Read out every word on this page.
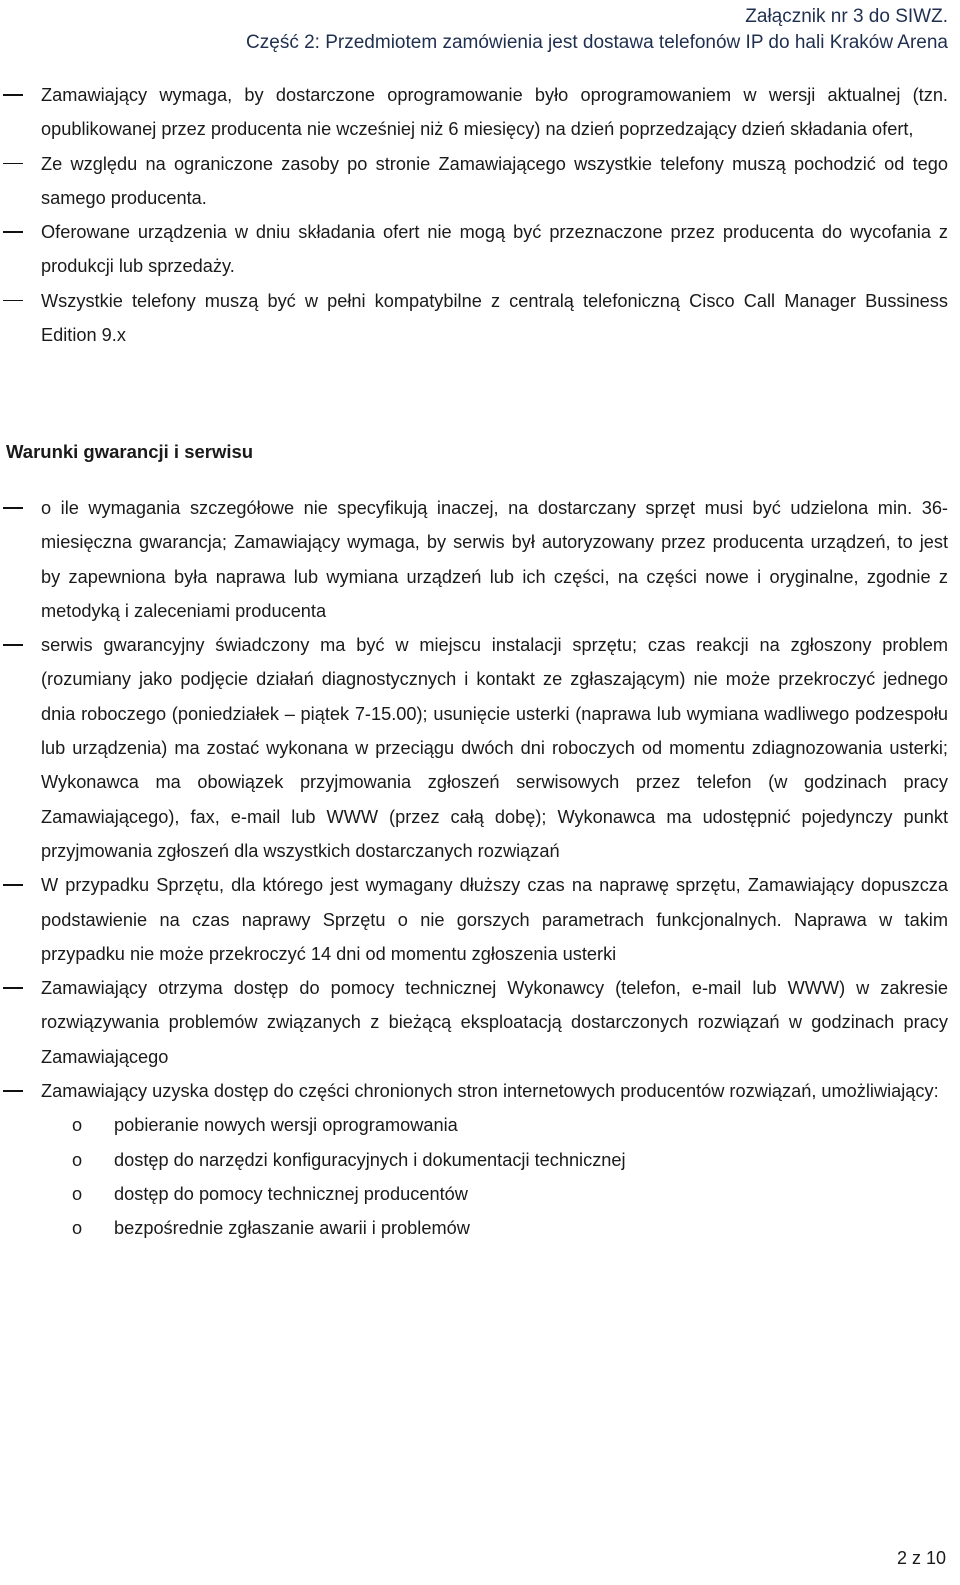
Załącznik nr 3 do SIWZ.
Część 2: Przedmiotem zamówienia jest dostawa telefonów IP do hali Kraków Arena
Zamawiający wymaga, by dostarczone oprogramowanie było oprogramowaniem w wersji aktualnej (tzn. opublikowanej przez producenta nie wcześniej niż 6 miesięcy) na dzień poprzedzający dzień składania ofert,
Ze względu na ograniczone zasoby po stronie Zamawiającego wszystkie telefony muszą pochodzić od tego samego producenta.
Oferowane urządzenia w dniu składania ofert nie mogą być przeznaczone przez producenta do wycofania z produkcji lub sprzedaży.
Wszystkie telefony muszą być w pełni kompatybilne z centralą telefoniczną Cisco Call Manager Bussiness Edition 9.x
Warunki gwarancji i serwisu
o ile wymagania szczegółowe nie specyfikują inaczej, na dostarczany sprzęt musi być udzielona min. 36-miesięczna gwarancja; Zamawiający wymaga, by serwis był autoryzowany przez producenta urządzeń, to jest by zapewniona była naprawa lub wymiana urządzeń lub ich części, na części nowe i oryginalne, zgodnie z metodyką i zaleceniami producenta
serwis gwarancyjny świadczony ma być w miejscu instalacji sprzętu; czas reakcji na zgłoszony problem (rozumiany jako podjęcie działań diagnostycznych i kontakt ze zgłaszającym) nie może przekroczyć jednego dnia roboczego (poniedziałek – piątek 7-15.00); usunięcie usterki (naprawa lub wymiana wadliwego podzespołu lub urządzenia) ma zostać wykonana w przeciągu dwóch dni roboczych od momentu zdiagnozowania usterki; Wykonawca ma obowiązek przyjmowania zgłoszeń serwisowych przez telefon (w godzinach pracy Zamawiającego), fax, e-mail lub WWW (przez całą dobę); Wykonawca ma udostępnić pojedynczy punkt przyjmowania zgłoszeń dla wszystkich dostarczanych rozwiązań
W przypadku Sprzętu, dla którego jest wymagany dłuższy czas na naprawę sprzętu, Zamawiający dopuszcza podstawienie na czas naprawy Sprzętu o nie gorszych parametrach funkcjonalnych. Naprawa w takim przypadku nie może przekroczyć 14 dni od momentu zgłoszenia usterki
Zamawiający otrzyma dostęp do pomocy technicznej Wykonawcy (telefon, e-mail lub WWW) w zakresie rozwiązywania problemów związanych z bieżącą eksploatacją dostarczonych rozwiązań w godzinach pracy Zamawiającego
Zamawiający uzyska dostęp do części chronionych stron internetowych producentów rozwiązań, umożliwiający:
o pobieranie nowych wersji oprogramowania
o dostęp do narzędzi konfiguracyjnych i dokumentacji technicznej
o dostęp do pomocy technicznej producentów
o bezpośrednie zgłaszanie awarii i problemów
2 z 10
